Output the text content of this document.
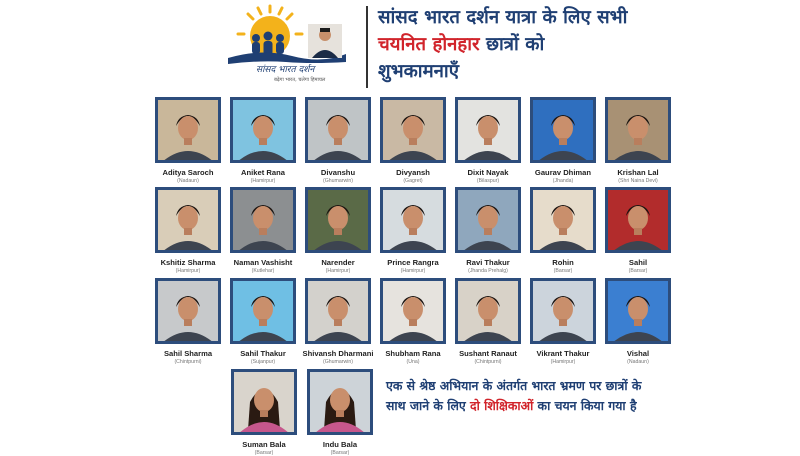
सांसद भारत दर्शन
बढ़ेगा भारत, चलेगा हिमाचल
सांसद भारत दर्शन यात्रा के लिए सभी
चयनित होनहार छात्रों को
शुभकामनाएँ
Aditya Saroch
(Nadaun)
Aniket Rana
(Hamirpur)
Divanshu
(Ghumarwin)
Divyansh
(Gagret)
Dixit Nayak
(Bilaspur)
Gaurav Dhiman
(Jhanda)
Krishan Lal
(Shri Naina Devi)
Kshitiz Sharma
(Hamirpur)
Naman Vashisht
(Kutlehar)
Narender
(Hamirpur)
Prince Rangra
(Hamirpur)
Ravi Thakur
(Jhanda Prehalg)
Rohin
(Barsar)
Sahil
(Barsar)
Sahil Sharma
(Chintpurni)
Sahil Thakur
(Sujanpur)
Shivansh Dharmani
(Ghumarwin)
Shubham Rana
(Una)
Sushant Ranaut
(Chintpurni)
Vikrant Thakur
(Hamirpur)
Vishal
(Nadaun)
Suman Bala
(Barsar)
Indu Bala
(Barsar)
एक से श्रेष्ठ अभियान के अंतर्गत भारत भ्रमण पर छात्रों के साथ जाने के लिए दो शिक्षिकाओं का चयन किया गया है
